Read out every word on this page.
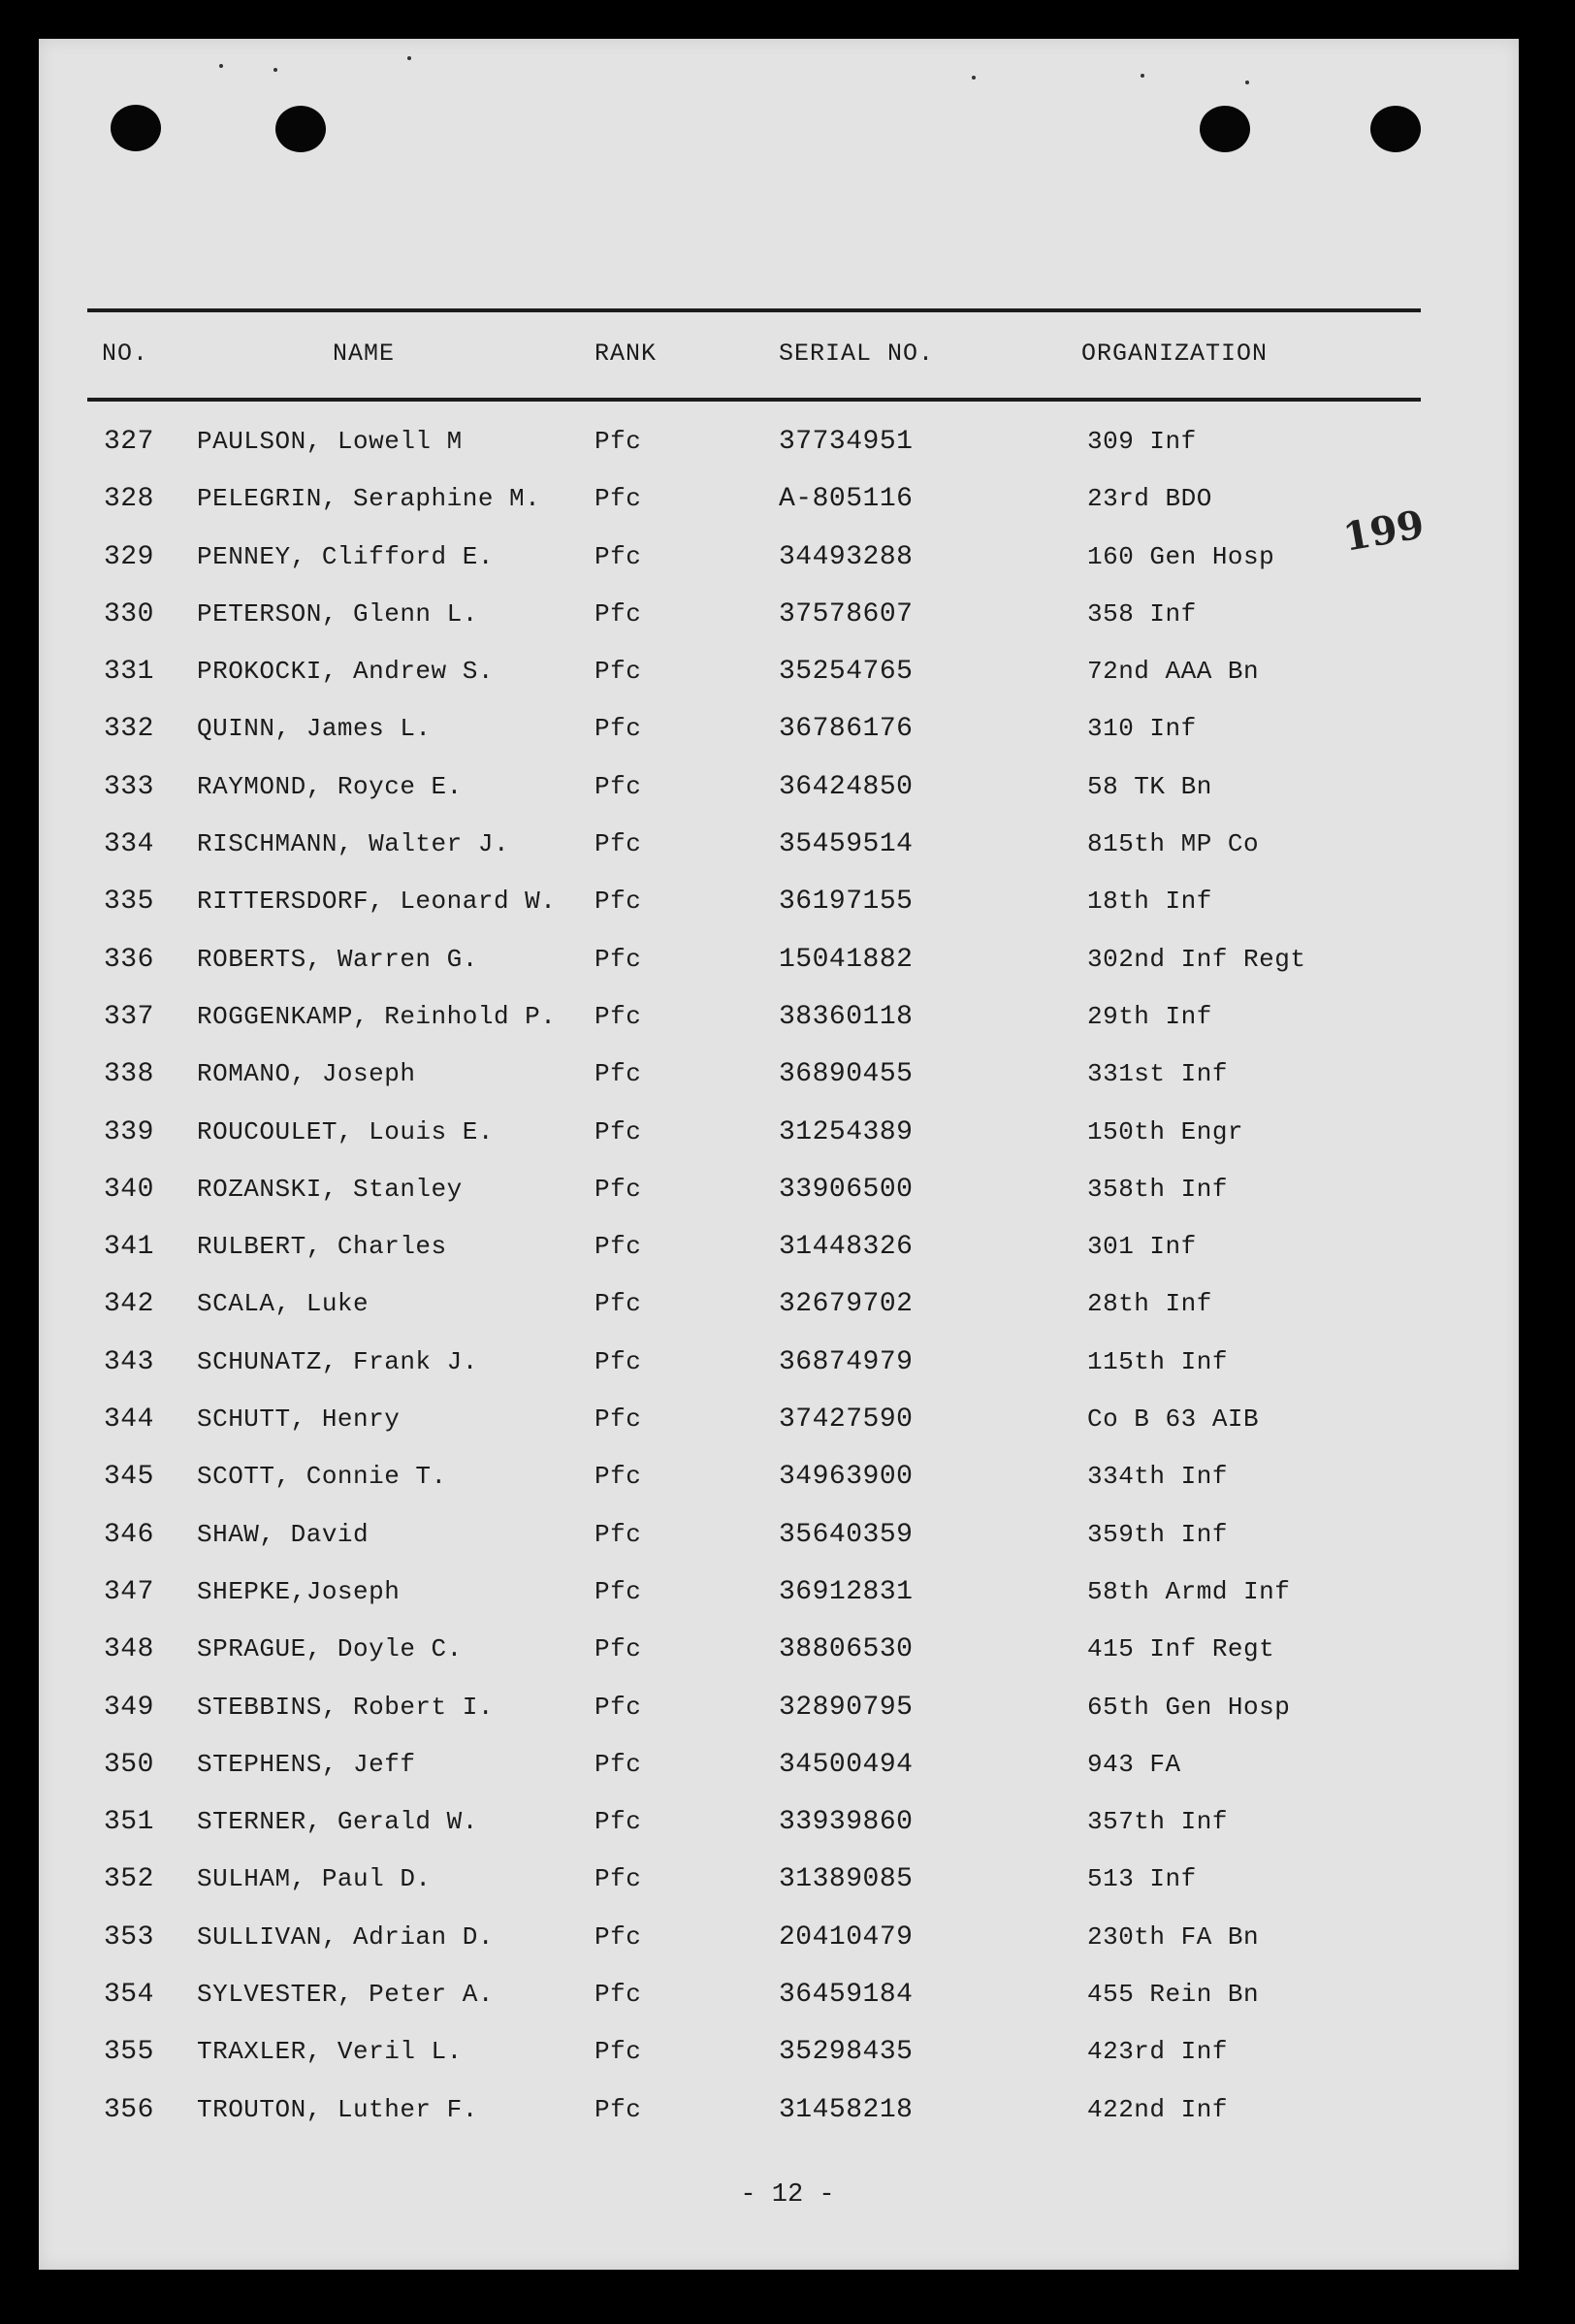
199
NO.	NAME	RANK	SERIAL NO.	ORGANIZATION
327 PAULSON, Lowell M	Pfc	37734951	309 Inf
328 PELEGRIN, Seraphine M. Pfc	A-805116	23rd BDO
329 PENNEY, Clifford E.	Pfc	34493288	160 Gen Hosp
330 PETERSON, Glenn L.	Pfc	37578607	358 Inf
331 PROKOCKI, Andrew S.	Pfc	35254765	72nd AAA Bn
332 QUINN, James L.	Pfc	36786176	310 Inf
333 RAYMOND, Royce E.	Pfc	36424850	58 TK Bn
334 RISCHMANN, Walter J.	Pfc	35459514	815th MP Co
335 RITTERSDORF, Leonard W. Pfc	36197155	18th Inf
336 ROBERTS, Warren G.	Pfc	15041882	302nd Inf Regt
337 ROGGENKAMP, Reinhold P. Pfc	38360118	29th Inf
338 ROMANO, Joseph	Pfc	36890455	331st Inf
339 ROUCOULET, Louis E.	Pfc	31254389	150th Engr
340 ROZANSKI, Stanley	Pfc	33906500	358th Inf
341 RULBERT, Charles	Pfc	31448326	301 Inf
342 SCALA, Luke	Pfc	32679702	28th Inf
343 SCHUNATZ, Frank J.	Pfc	36874979	115th Inf
344 SCHUTT, Henry	Pfc	37427590	Co B 63 AIB
345 SCOTT, Connie T.	Pfc	34963900	334th Inf
346 SHAW, David	Pfc	35640359	359th Inf
347 SHEPKE,Joseph	Pfc	36912831	58th Armd Inf
348 SPRAGUE, Doyle C.	Pfc	38806530	415 Inf Regt
349 STEBBINS, Robert I.	Pfc	32890795	65th Gen Hosp
350 STEPHENS, Jeff	Pfc	34500494	943 FA
351 STERNER, Gerald W.	Pfc	33939860	357th Inf
352 SULHAM, Paul D.	Pfc	31389085	513 Inf
353 SULLIVAN, Adrian D.	Pfc	20410479	230th FA Bn
354 SYLVESTER, Peter A.	Pfc	36459184	455 Rein Bn
355 TRAXLER, Veril L.	Pfc	35298435	423rd Inf
356 TROUTON, Luther F.	Pfc	31458218	422nd Inf
- 12 -
